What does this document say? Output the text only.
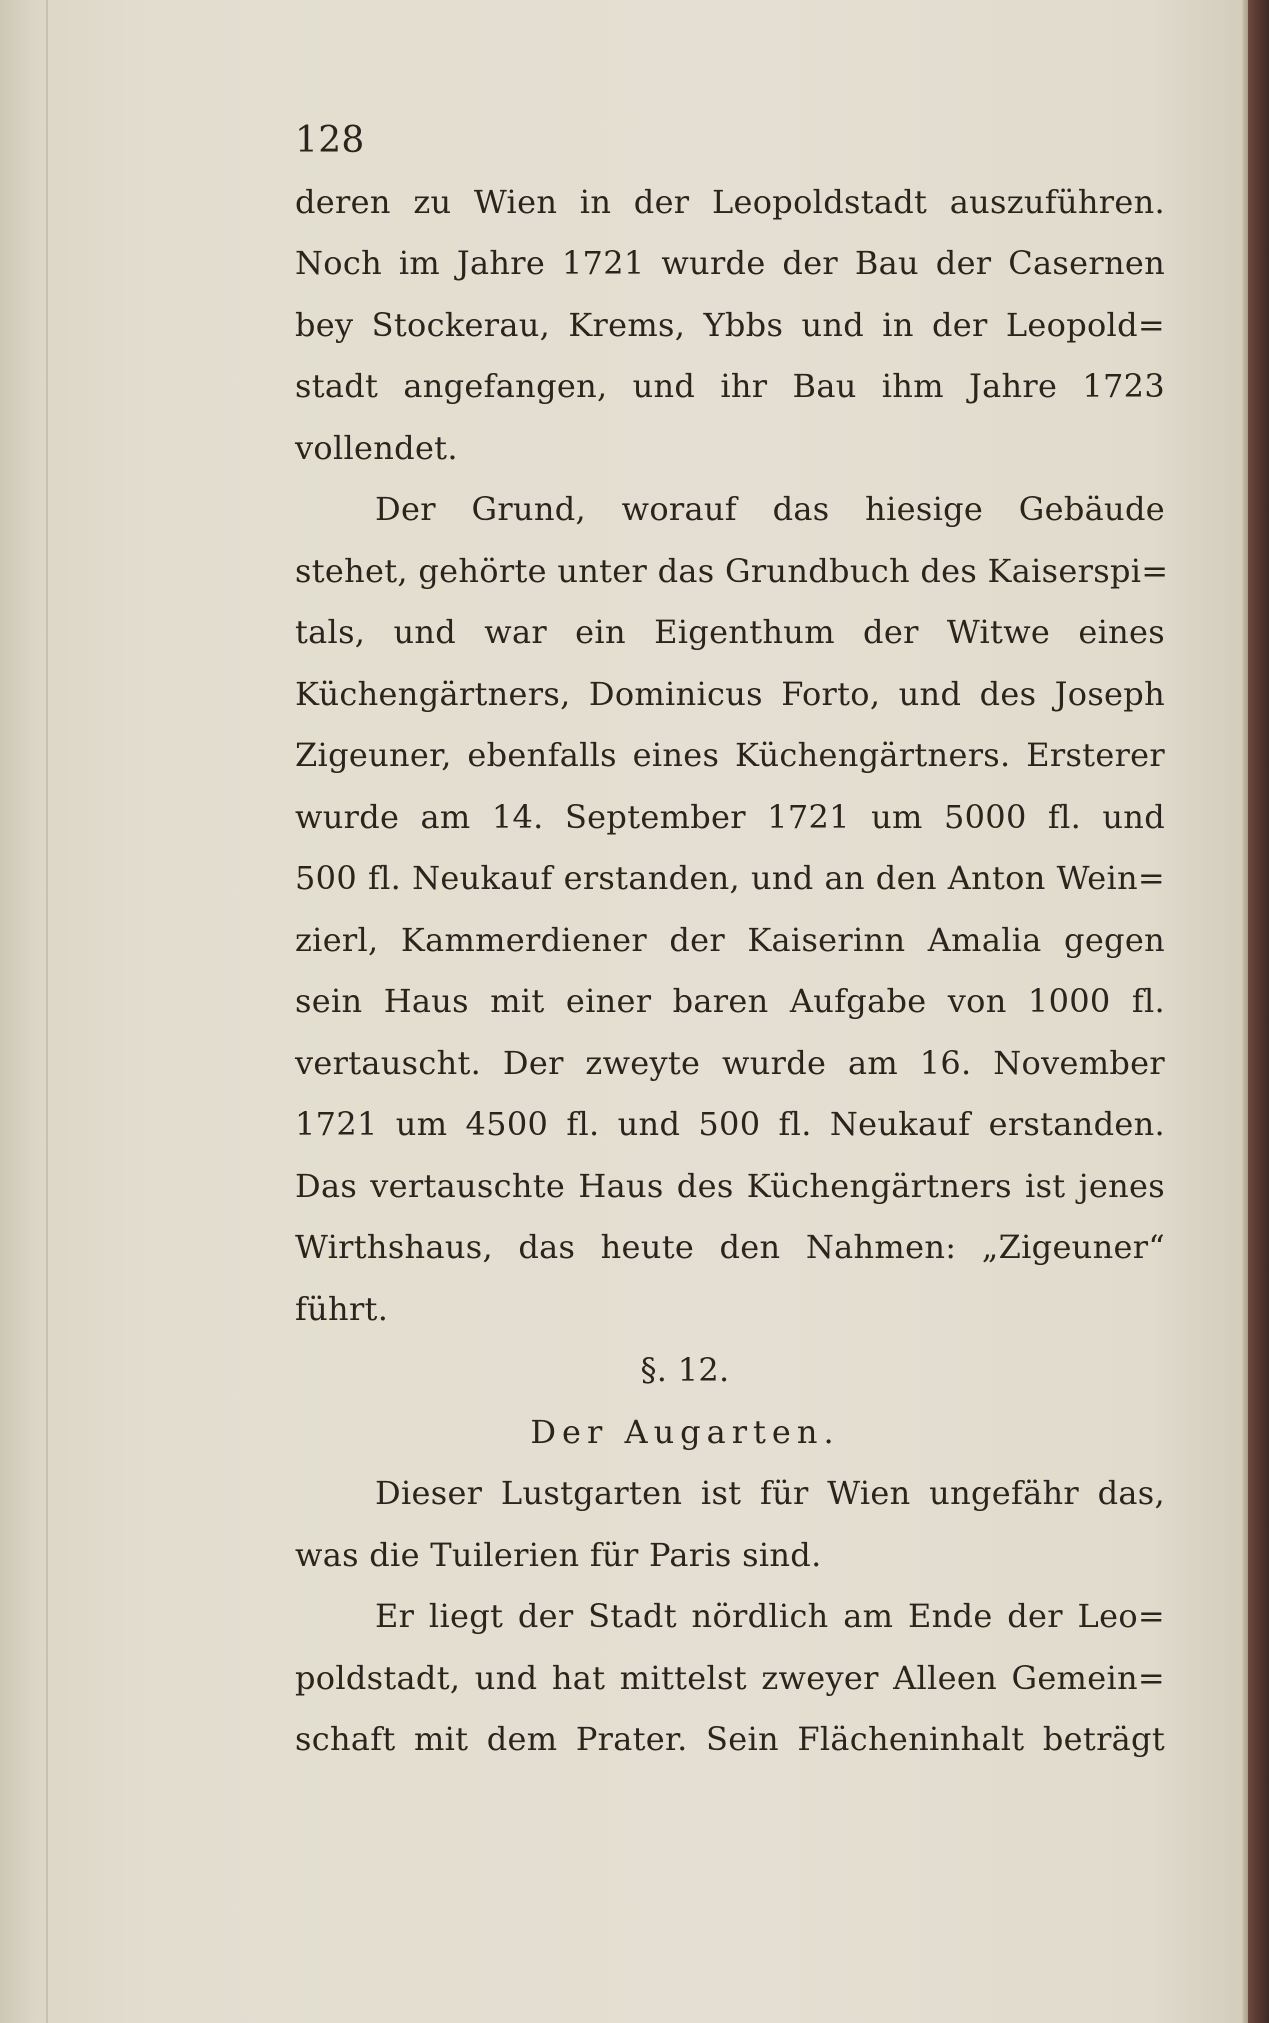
128
deren zu Wien in der Leopoldstadt auszuführen.
Noch im Jahre 1721 wurde der Bau der Casernen
bey Stockerau, Krems, Ybbs und in der Leopold=
stadt angefangen, und ihr Bau ihm Jahre 1723
vollendet.
Der Grund, worauf das hiesige Gebäude
stehet, gehörte unter das Grundbuch des Kaiserspi=
tals, und war ein Eigenthum der Witwe eines
Küchengärtners, Dominicus Forto, und des Joseph
Zigeuner, ebenfalls eines Küchengärtners. Ersterer
wurde am 14. September 1721 um 5000 fl. und
500 fl. Neukauf erstanden, und an den Anton Wein=
zierl, Kammerdiener der Kaiserinn Amalia gegen
sein Haus mit einer baren Aufgabe von 1000 fl.
vertauscht. Der zweyte wurde am 16. November
1721 um 4500 fl. und 500 fl. Neukauf erstanden.
Das vertauschte Haus des Küchengärtners ist jenes
Wirthshaus, das heute den Nahmen: „Zigeuner“
führt.
§. 12.
Der Augarten.
Dieser Lustgarten ist für Wien ungefähr das,
was die Tuilerien für Paris sind.
Er liegt der Stadt nördlich am Ende der Leo=
poldstadt, und hat mittelst zweyer Alleen Gemein=
schaft mit dem Prater. Sein Flächeninhalt beträgt
